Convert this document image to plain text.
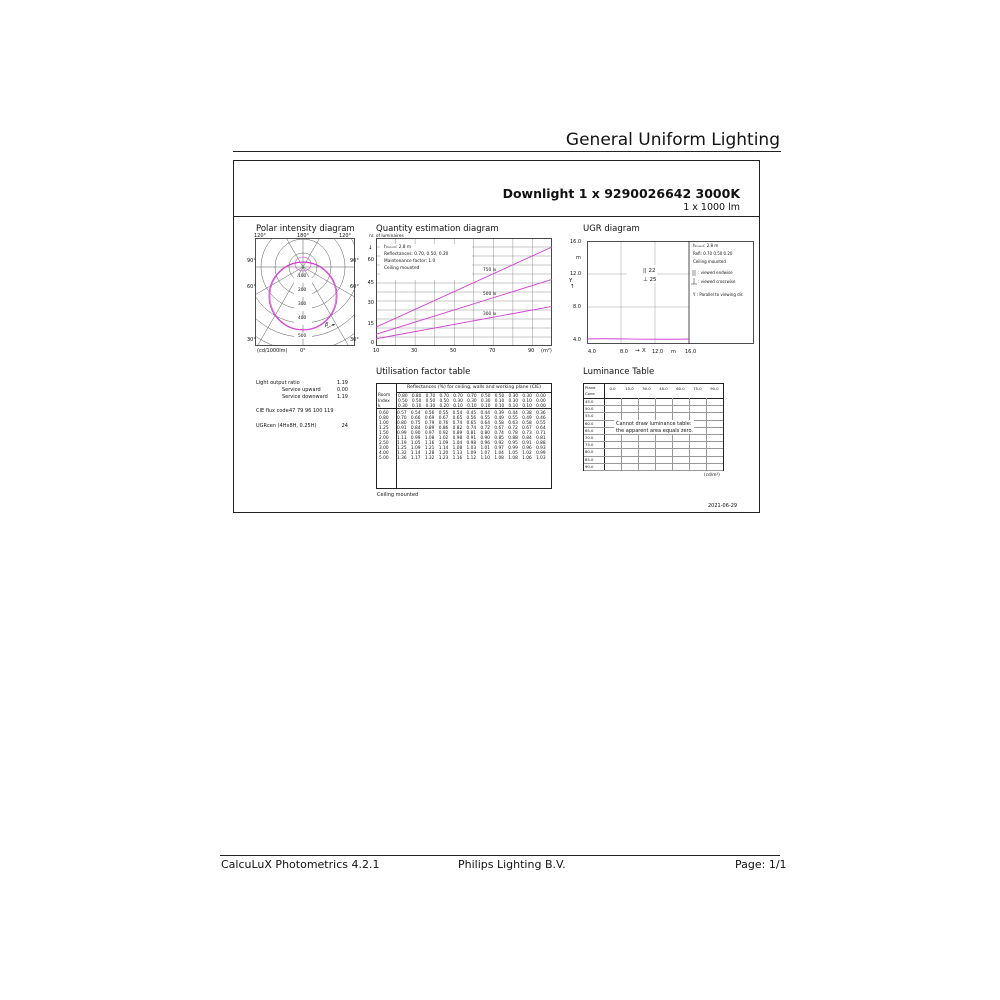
General Uniform Lighting
Downlight 1 x 9290026642 3000K
1 x 1000 lm
Polar intensity diagram
120°	180°	120°
90°
60°
30°
90°
60°
30°
100
200
300
400
500
β
(cd/1000lm)	0°
Light output ratio	1.19
Service upward	0.00
Service downward	1.19
CIE flux code 47 79 96 100 119
UGRcen (4Hx8H, 0.25H)	24
Quantity estimation diagram
nr. of luminaires
↓	hₘₒᵤₙₜ: 2.8 m
Reflectances: 0.70, 0.50, 0.20
Maintenance factor: 1.0
Ceiling mounted	750 lx
500 lx
300 lx
60
45
30
15
0
10	30	50	70	90 (m²)
UGR diagram
16.0
m
12.0
Y
↑
8.0
4.0
4.0	8.0 → X 12.0 m 16.0
|| 22
⊥ 25
hₘₒᵤₙₜ: 2.8 m
Refl: 0.70 0.50 0.20
Ceiling mounted
: viewed endwise
: viewed crosswise
Y : Parallel to viewing dir.
Utilisation factor table
Reflectances (%) for ceiling, walls and working plane (CIE)
Room
Index
k
0.80	0.80	0.70	0.70	0.70	0.70	0.50	0.50	0.30	0.30	0.00
0.50	0.50	0.50	0.50	0.30	0.30	0.30	0.10	0.30	0.10	0.00
0.30	0.10	0.30	0.20	0.10	0.10	0.10	0.10	0.10	0.10	0.00
0.60	0.57	0.54	0.56	0.55	0.54	0.45	0.44	0.39	0.44	0.38	0.36
0.80	0.70	0.66	0.69	0.67	0.65	0.56	0.55	0.49	0.55	0.49	0.46
1.00	0.80	0.75	0.79	0.76	0.74	0.65	0.64	0.58	0.63	0.58	0.55
1.25	0.91	0.84	0.89	0.86	0.82	0.74	0.72	0.67	0.72	0.67	0.64
1.50	0.99	0.90	0.97	0.92	0.89	0.81	0.80	0.74	0.78	0.73	0.71
2.00	1.11	0.99	1.08	1.02	0.98	0.91	0.90	0.85	0.88	0.84	0.81
2.50	1.19	1.05	1.16	1.09	1.04	0.98	0.96	0.92	0.95	0.91	0.88
3.00	1.25	1.09	1.21	1.14	1.08	1.03	1.01	0.97	0.99	0.96	0.93
4.00	1.32	1.14	1.28	1.20	1.13	1.09	1.07	1.04	1.05	1.02	0.99
5.00	1.36	1.17	1.32	1.23	1.16	1.12	1.10	1.08	1.08	1.06	1.03
Ceiling mounted
Luminance Table
Plane
Cone
0.0	15.0	30.0	45.0	60.0	75.0	90.0
45.0
50.0
55.0
60.0
65.0
70.0
75.0
80.0
85.0
90.0
Cannot draw luminance table:
the apparent area equals zero.
(cd/m²)
2021-06-29
CalcuLuX Photometrics 4.2.1	Philips Lighting B.V.	Page: 1/1
